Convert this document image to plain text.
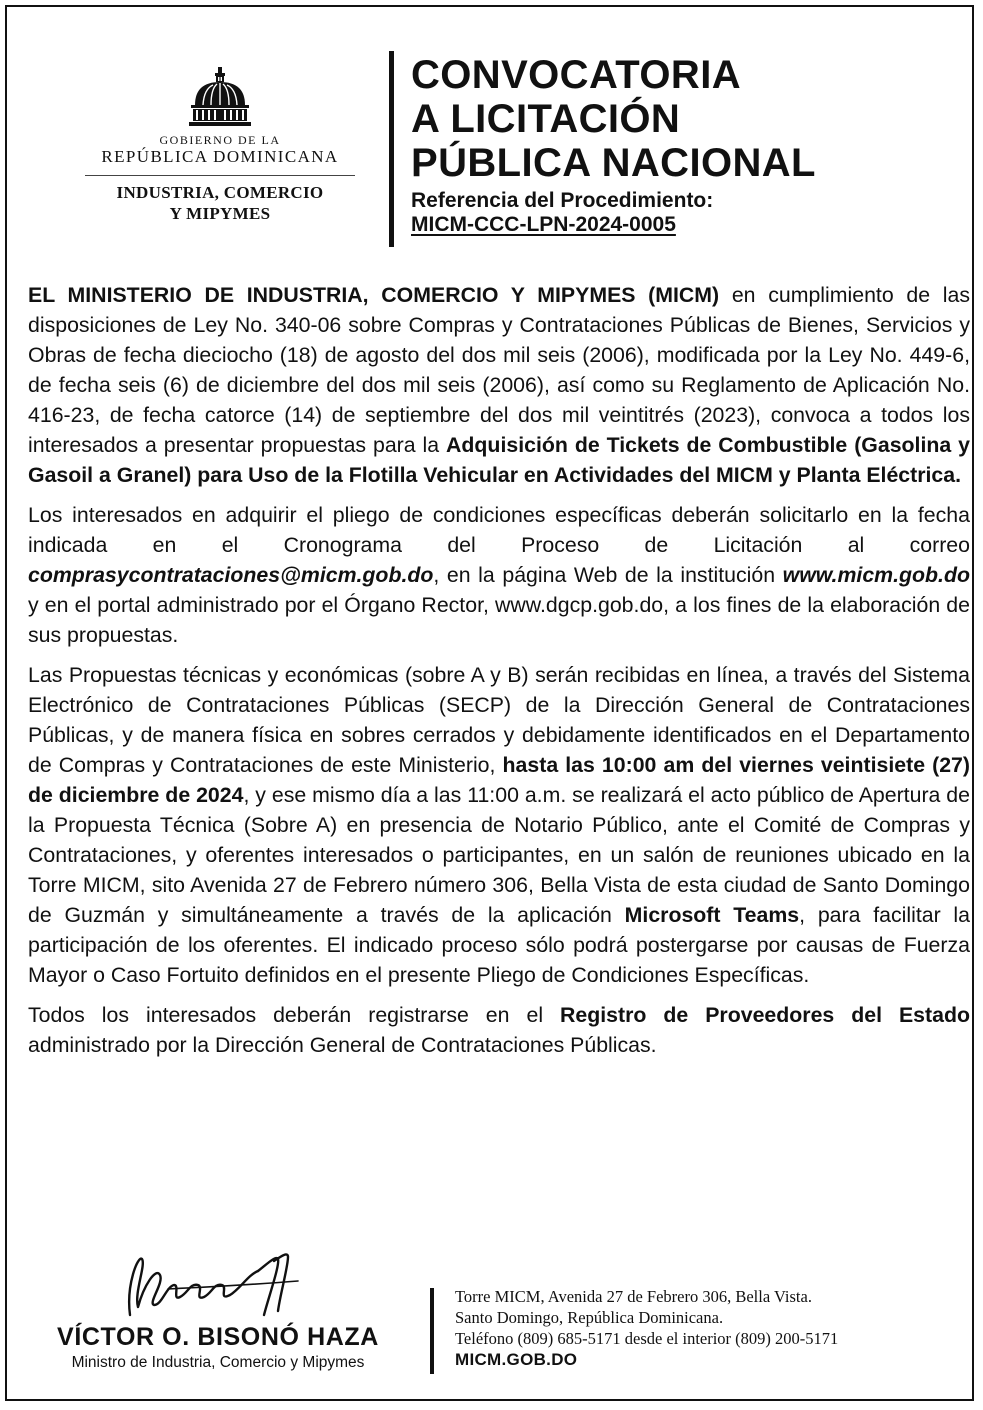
GOBIERNO DE LA
REPÚBLICA DOMINICANA
INDUSTRIA, COMERCIO
Y MIPYMES
CONVOCATORIA
A LICITACIÓN
PÚBLICA NACIONAL
Referencia del Procedimiento:
MICM-CCC-LPN-2024-0005

EL MINISTERIO DE INDUSTRIA, COMERCIO Y MIPYMES (MICM) en cumplimiento de las disposiciones de Ley No. 340-06 sobre Compras y Contrataciones Públicas de Bienes, Servicios y Obras de fecha dieciocho (18) de agosto del dos mil seis (2006), modificada por la Ley No. 449-6, de fecha seis (6) de diciembre del dos mil seis (2006), así como su Reglamento de Aplicación No. 416-23, de fecha catorce (14) de septiembre del dos mil veintitrés (2023), convoca a todos los interesados a presentar propuestas para la Adquisición de Tickets de Combustible (Gasolina y Gasoil a Granel) para Uso de la Flotilla Vehicular en Actividades del MICM y Planta Eléctrica.

Los interesados en adquirir el pliego de condiciones específicas deberán solicitarlo en la fecha indicada en el Cronograma del Proceso de Licitación al correo comprasycontrataciones@micm.gob.do, en la página Web de la institución www.micm.gob.do y en el portal administrado por el Órgano Rector, www.dgcp.gob.do, a los fines de la elaboración de sus propuestas.

Las Propuestas técnicas y económicas (sobre A y B) serán recibidas en línea, a través del Sistema Electrónico de Contrataciones Públicas (SECP) de la Dirección General de Contrataciones Públicas, y de manera física en sobres cerrados y debidamente identificados en el Departamento de Compras y Contrataciones de este Ministerio, hasta las 10:00 am del viernes veintisiete (27) de diciembre de 2024, y ese mismo día a las 11:00 a.m. se realizará el acto público de Apertura de la Propuesta Técnica (Sobre A) en presencia de Notario Público, ante el Comité de Compras y Contrataciones, y oferentes interesados o participantes, en un salón de reuniones ubicado en la Torre MICM, sito Avenida 27 de Febrero número 306, Bella Vista de esta ciudad de Santo Domingo de Guzmán y simultáneamente a través de la aplicación Microsoft Teams, para facilitar la participación de los oferentes. El indicado proceso sólo podrá postergarse por causas de Fuerza Mayor o Caso Fortuito definidos en el presente Pliego de Condiciones Específicas.

Todos los interesados deberán registrarse en el Registro de Proveedores del Estado administrado por la Dirección General de Contrataciones Públicas.

VÍCTOR O. BISONÓ HAZA
Ministro de Industria, Comercio y Mipymes
Torre MICM, Avenida 27 de Febrero 306, Bella Vista.
Santo Domingo, República Dominicana.
Teléfono (809) 685-5171 desde el interior (809) 200-5171
MICM.GOB.DO
